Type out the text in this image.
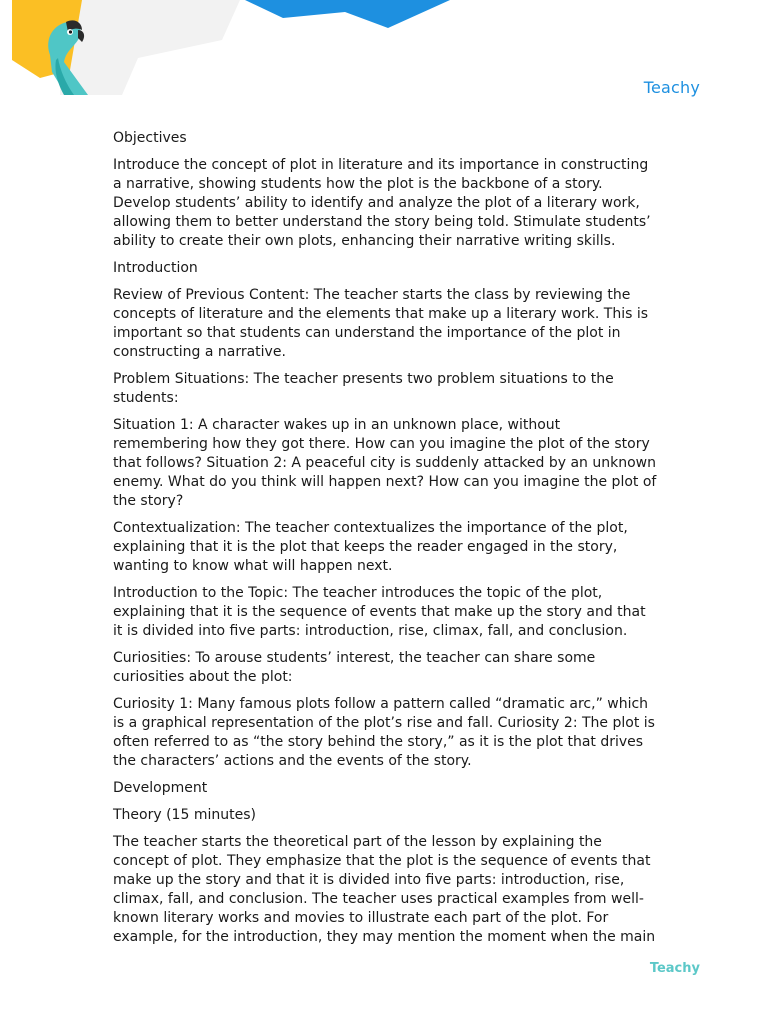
Teachy

Objectives

Introduce the concept of plot in literature and its importance in constructing a narrative, showing students how the plot is the backbone of a story. Develop students’ ability to identify and analyze the plot of a literary work, allowing them to better understand the story being told. Stimulate students’ ability to create their own plots, enhancing their narrative writing skills.

Introduction

Review of Previous Content: The teacher starts the class by reviewing the concepts of literature and the elements that make up a literary work. This is important so that students can understand the importance of the plot in constructing a narrative.

Problem Situations: The teacher presents two problem situations to the students:

Situation 1: A character wakes up in an unknown place, without remembering how they got there. How can you imagine the plot of the story that follows? Situation 2: A peaceful city is suddenly attacked by an unknown enemy. What do you think will happen next? How can you imagine the plot of the story?

Contextualization: The teacher contextualizes the importance of the plot, explaining that it is the plot that keeps the reader engaged in the story, wanting to know what will happen next.

Introduction to the Topic: The teacher introduces the topic of the plot, explaining that it is the sequence of events that make up the story and that it is divided into five parts: introduction, rise, climax, fall, and conclusion.

Curiosities: To arouse students’ interest, the teacher can share some curiosities about the plot:

Curiosity 1: Many famous plots follow a pattern called “dramatic arc,” which is a graphical representation of the plot’s rise and fall. Curiosity 2: The plot is often referred to as “the story behind the story,” as it is the plot that drives the characters’ actions and the events of the story.

Development

Theory (15 minutes)

The teacher starts the theoretical part of the lesson by explaining the concept of plot. They emphasize that the plot is the sequence of events that make up the story and that it is divided into five parts: introduction, rise, climax, fall, and conclusion. The teacher uses practical examples from well-known literary works and movies to illustrate each part of the plot. For example, for the introduction, they may mention the moment when the main

Teachy
